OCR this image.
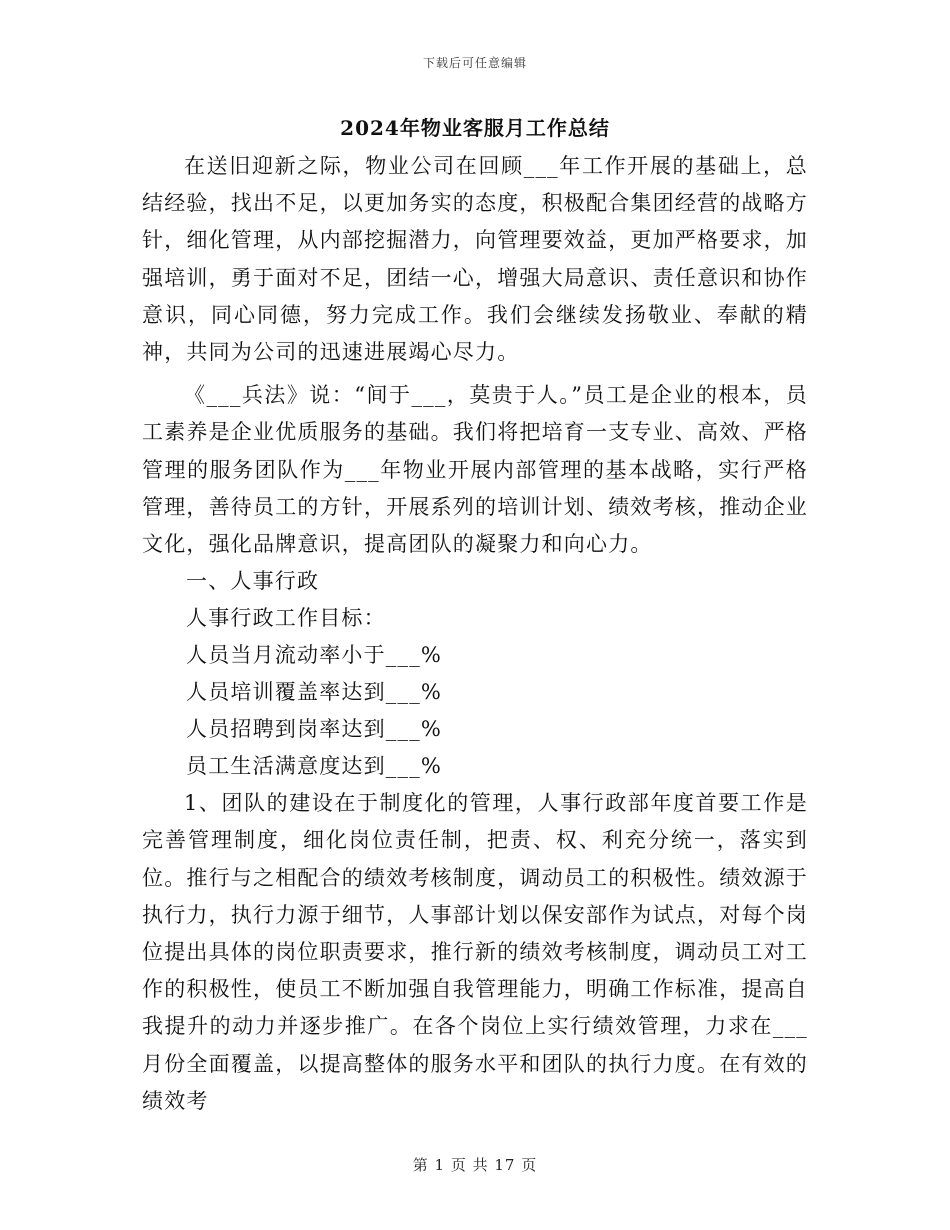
下载后可任意编辑
2024年物业客服月工作总结

在送旧迎新之际，物业公司在回顾___年工作开展的基础上，总结经验，找出不足，以更加务实的态度，积极配合集团经营的战略方针，细化管理，从内部挖掘潜力，向管理要效益，更加严格要求，加强培训，勇于面对不足，团结一心，增强大局意识、责任意识和协作意识，同心同德，努力完成工作。我们会继续发扬敬业、奉献的精神，共同为公司的迅速进展竭心尽力。

《___兵法》说：“间于___，莫贵于人。”员工是企业的根本，员工素养是企业优质服务的基础。我们将把培育一支专业、高效、严格管理的服务团队作为___年物业开展内部管理的基本战略，实行严格管理，善待员工的方针，开展系列的培训计划、绩效考核，推动企业文化，强化品牌意识，提高团队的凝聚力和向心力。

一、人事行政
人事行政工作目标：
人员当月流动率小于___%
人员培训覆盖率达到___%
人员招聘到岗率达到___%
员工生活满意度达到___%

1、团队的建设在于制度化的管理，人事行政部年度首要工作是完善管理制度，细化岗位责任制，把责、权、利充分统一，落实到位。推行与之相配合的绩效考核制度，调动员工的积极性。绩效源于执行力，执行力源于细节，人事部计划以保安部作为试点，对每个岗位提出具体的岗位职责要求，推行新的绩效考核制度，调动员工对工作的积极性，使员工不断加强自我管理能力，明确工作标准，提高自我提升的动力并逐步推广。在各个岗位上实行绩效管理，力求在___月份全面覆盖，以提高整体的服务水平和团队的执行力度。在有效的绩效考

第 1 页 共 17 页
